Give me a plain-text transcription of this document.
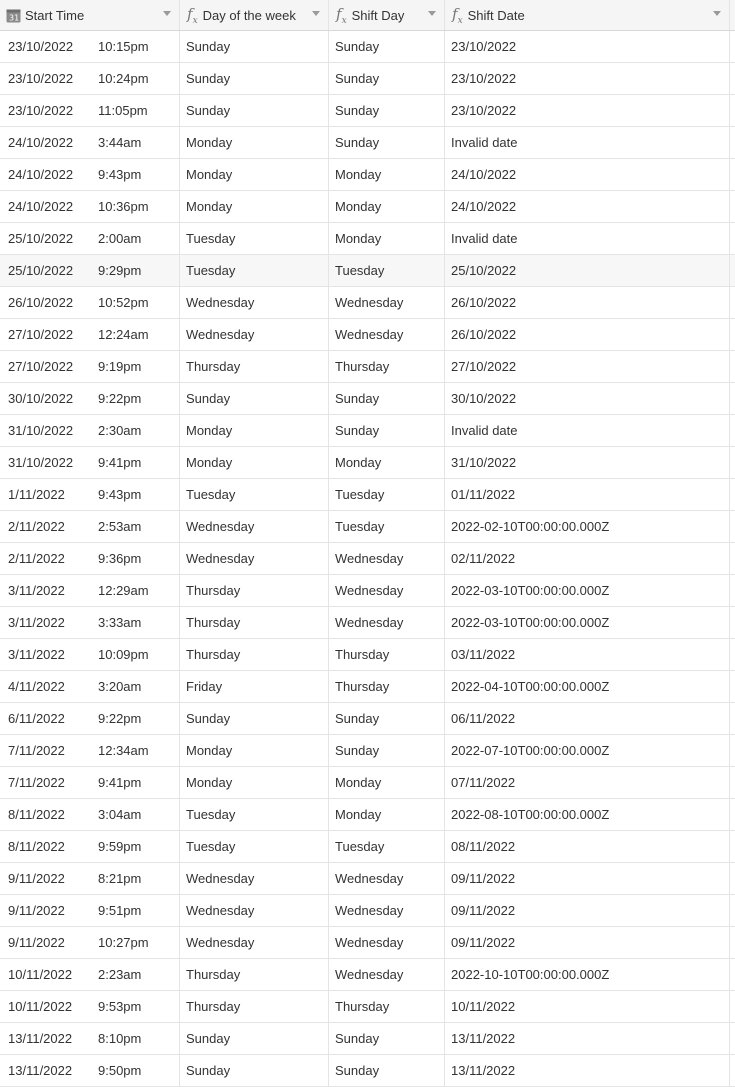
31 Start Time	$f_x$ Day of the week	$f_x$ Shift Day	$f_x$ Shift Date
23/10/2022	10:15pm	Sunday	Sunday	23/10/2022
23/10/2022	10:24pm	Sunday	Sunday	23/10/2022
23/10/2022	11:05pm	Sunday	Sunday	23/10/2022
24/10/2022	3:44am	Monday	Sunday	Invalid date
24/10/2022	9:43pm	Monday	Monday	24/10/2022
24/10/2022	10:36pm	Monday	Monday	24/10/2022
25/10/2022	2:00am	Tuesday	Monday	Invalid date
25/10/2022	9:29pm	Tuesday	Tuesday	25/10/2022
26/10/2022	10:52pm	Wednesday	Wednesday	26/10/2022
27/10/2022	12:24am	Wednesday	Wednesday	26/10/2022
27/10/2022	9:19pm	Thursday	Thursday	27/10/2022
30/10/2022	9:22pm	Sunday	Sunday	30/10/2022
31/10/2022	2:30am	Monday	Sunday	Invalid date
31/10/2022	9:41pm	Monday	Monday	31/10/2022
1/11/2022	9:43pm	Tuesday	Tuesday	01/11/2022
2/11/2022	2:53am	Wednesday	Tuesday	2022-02-10T00:00:00.000Z
2/11/2022	9:36pm	Wednesday	Wednesday	02/11/2022
3/11/2022	12:29am	Thursday	Wednesday	2022-03-10T00:00:00.000Z
3/11/2022	3:33am	Thursday	Wednesday	2022-03-10T00:00:00.000Z
3/11/2022	10:09pm	Thursday	Thursday	03/11/2022
4/11/2022	3:20am	Friday	Thursday	2022-04-10T00:00:00.000Z
6/11/2022	9:22pm	Sunday	Sunday	06/11/2022
7/11/2022	12:34am	Monday	Sunday	2022-07-10T00:00:00.000Z
7/11/2022	9:41pm	Monday	Monday	07/11/2022
8/11/2022	3:04am	Tuesday	Monday	2022-08-10T00:00:00.000Z
8/11/2022	9:59pm	Tuesday	Tuesday	08/11/2022
9/11/2022	8:21pm	Wednesday	Wednesday	09/11/2022
9/11/2022	9:51pm	Wednesday	Wednesday	09/11/2022
9/11/2022	10:27pm	Wednesday	Wednesday	09/11/2022
10/11/2022	2:23am	Thursday	Wednesday	2022-10-10T00:00:00.000Z
10/11/2022	9:53pm	Thursday	Thursday	10/11/2022
13/11/2022	8:10pm	Sunday	Sunday	13/11/2022
13/11/2022	9:50pm	Sunday	Sunday	13/11/2022
